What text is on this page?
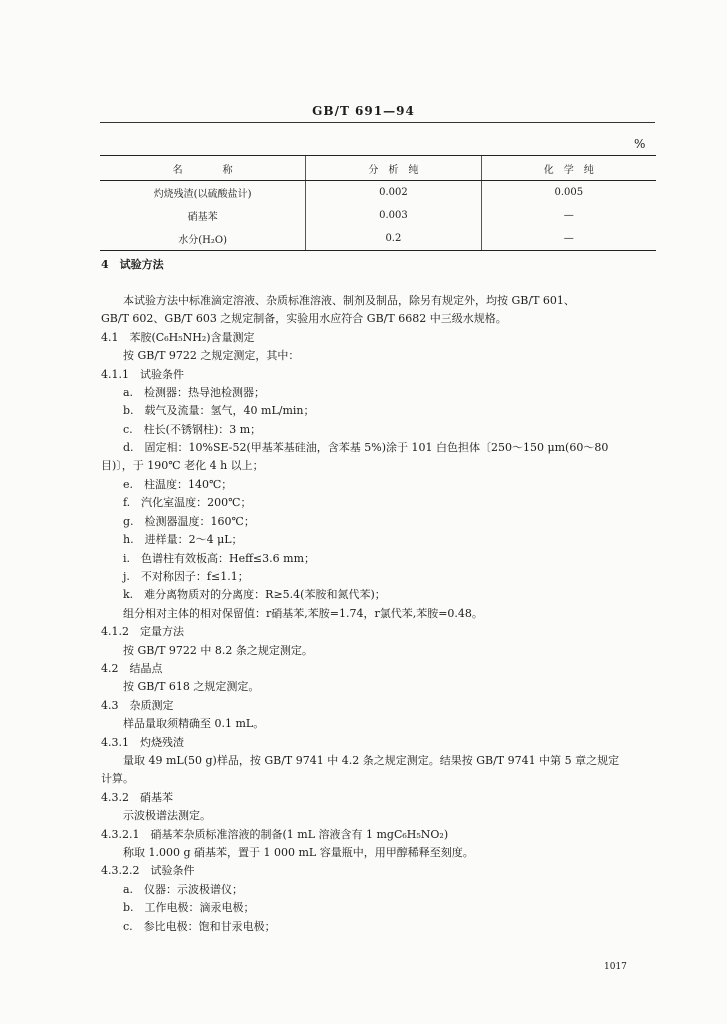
GB/T 691—94
%
名　　　　称	分　析　纯	化　学　纯
灼烧残渣(以硫酸盐计)	0.002	0.005
硝基苯	0.003	—
水分(H₂O)	0.2	—
4　试验方法
本试验方法中标准滴定溶液、杂质标准溶液、制剂及制品，除另有规定外，均按 GB/T 601、
GB/T 602、GB/T 603 之规定制备，实验用水应符合 GB/T 6682 中三级水规格。
4.1　苯胺(C₆H₅NH₂)含量测定
按 GB/T 9722 之规定测定，其中：
4.1.1　试验条件
a.　检测器：热导池检测器；
b.　载气及流量：氢气，40 mL/min；
c.　柱长(不锈钢柱)：3 m；
d.　固定相：10%SE-52(甲基苯基硅油，含苯基 5%)涂于 101 白色担体〔250～150 μm(60～80
目)〕，于 190℃ 老化 4 h 以上；
e.　柱温度：140℃；
f.　汽化室温度：200℃；
g.　检测器温度：160℃；
h.　进样量：2～4 μL；
i.　色谱柱有效板高：Heff≤3.6 mm；
j.　不对称因子：f≤1.1；
k.　难分离物质对的分离度：R≥5.4(苯胺和氮代苯)；
组分相对主体的相对保留值：r硝基苯,苯胺=1.74，r氯代苯,苯胺=0.48。
4.1.2　定量方法
按 GB/T 9722 中 8.2 条之规定测定。
4.2　结晶点
按 GB/T 618 之规定测定。
4.3　杂质测定
样品量取须精确至 0.1 mL。
4.3.1　灼烧残渣
量取 49 mL(50 g)样品，按 GB/T 9741 中 4.2 条之规定测定。结果按 GB/T 9741 中第 5 章之规定
计算。
4.3.2　硝基苯
示波极谱法测定。
4.3.2.1　硝基苯杂质标准溶液的制备(1 mL 溶液含有 1 mgC₆H₅NO₂)
称取 1.000 g 硝基苯，置于 1 000 mL 容量瓶中，用甲醇稀释至刻度。
4.3.2.2　试验条件
a.　仪器：示波极谱仪；
b.　工作电极：滴汞电极；
c.　参比电极：饱和甘汞电极；
1017
